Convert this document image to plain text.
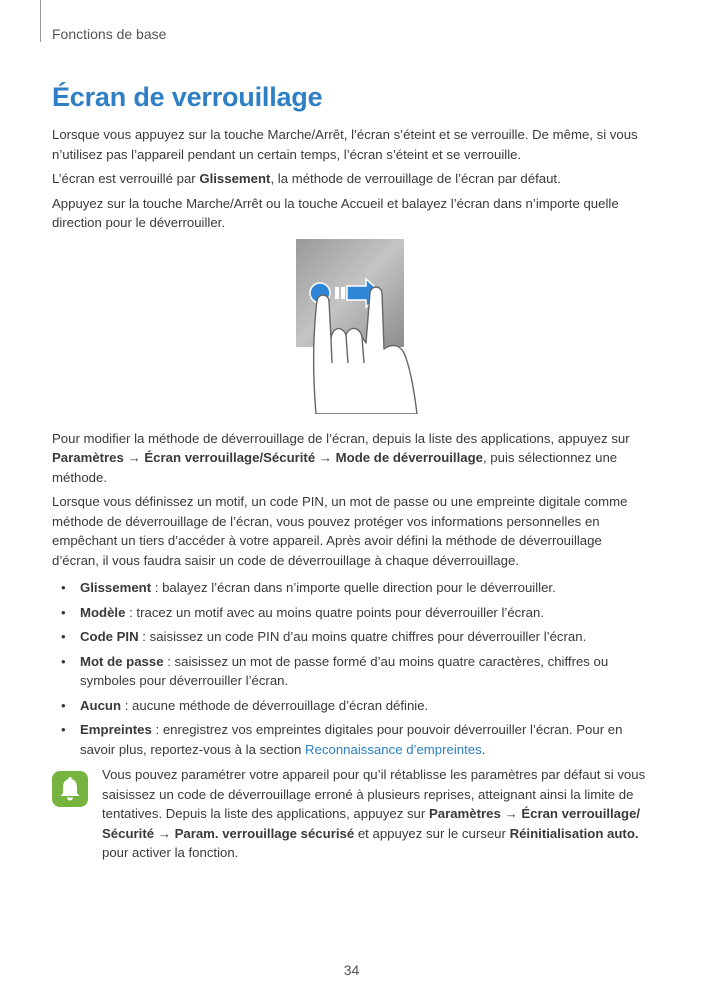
Fonctions de base
Écran de verrouillage

Lorsque vous appuyez sur la touche Marche/Arrêt, l’écran s’éteint et se verrouille. De même, si vous n’utilisez pas l’appareil pendant un certain temps, l’écran s’éteint et se verrouille.

L’écran est verrouillé par Glissement, la méthode de verrouillage de l’écran par défaut.

Appuyez sur la touche Marche/Arrêt ou la touche Accueil et balayez l’écran dans n’importe quelle direction pour le déverrouiller.

Pour modifier la méthode de déverrouillage de l’écran, depuis la liste des applications, appuyez sur Paramètres → Écran verrouillage/Sécurité → Mode de déverrouillage, puis sélectionnez une méthode.

Lorsque vous définissez un motif, un code PIN, un mot de passe ou une empreinte digitale comme méthode de déverrouillage de l’écran, vous pouvez protéger vos informations personnelles en empêchant un tiers d’accéder à votre appareil. Après avoir défini la méthode de déverrouillage d’écran, il vous faudra saisir un code de déverrouillage à chaque déverrouillage.

• Glissement : balayez l’écran dans n’importe quelle direction pour le déverrouiller.
• Modèle : tracez un motif avec au moins quatre points pour déverrouiller l’écran.
• Code PIN : saisissez un code PIN d’au moins quatre chiffres pour déverrouiller l’écran.
• Mot de passe : saisissez un mot de passe formé d’au moins quatre caractères, chiffres ou symboles pour déverrouiller l’écran.
• Aucun : aucune méthode de déverrouillage d’écran définie.
• Empreintes : enregistrez vos empreintes digitales pour pouvoir déverrouiller l’écran. Pour en savoir plus, reportez-vous à la section Reconnaissance d’empreintes.
Vous pouvez paramétrer votre appareil pour qu’il rétablisse les paramètres par défaut si vous saisissez un code de déverrouillage erroné à plusieurs reprises, atteignant ainsi la limite de tentatives. Depuis la liste des applications, appuyez sur Paramètres → Écran verrouillage/ Sécurité → Param. verrouillage sécurisé et appuyez sur le curseur Réinitialisation auto. pour activer la fonction.
34
